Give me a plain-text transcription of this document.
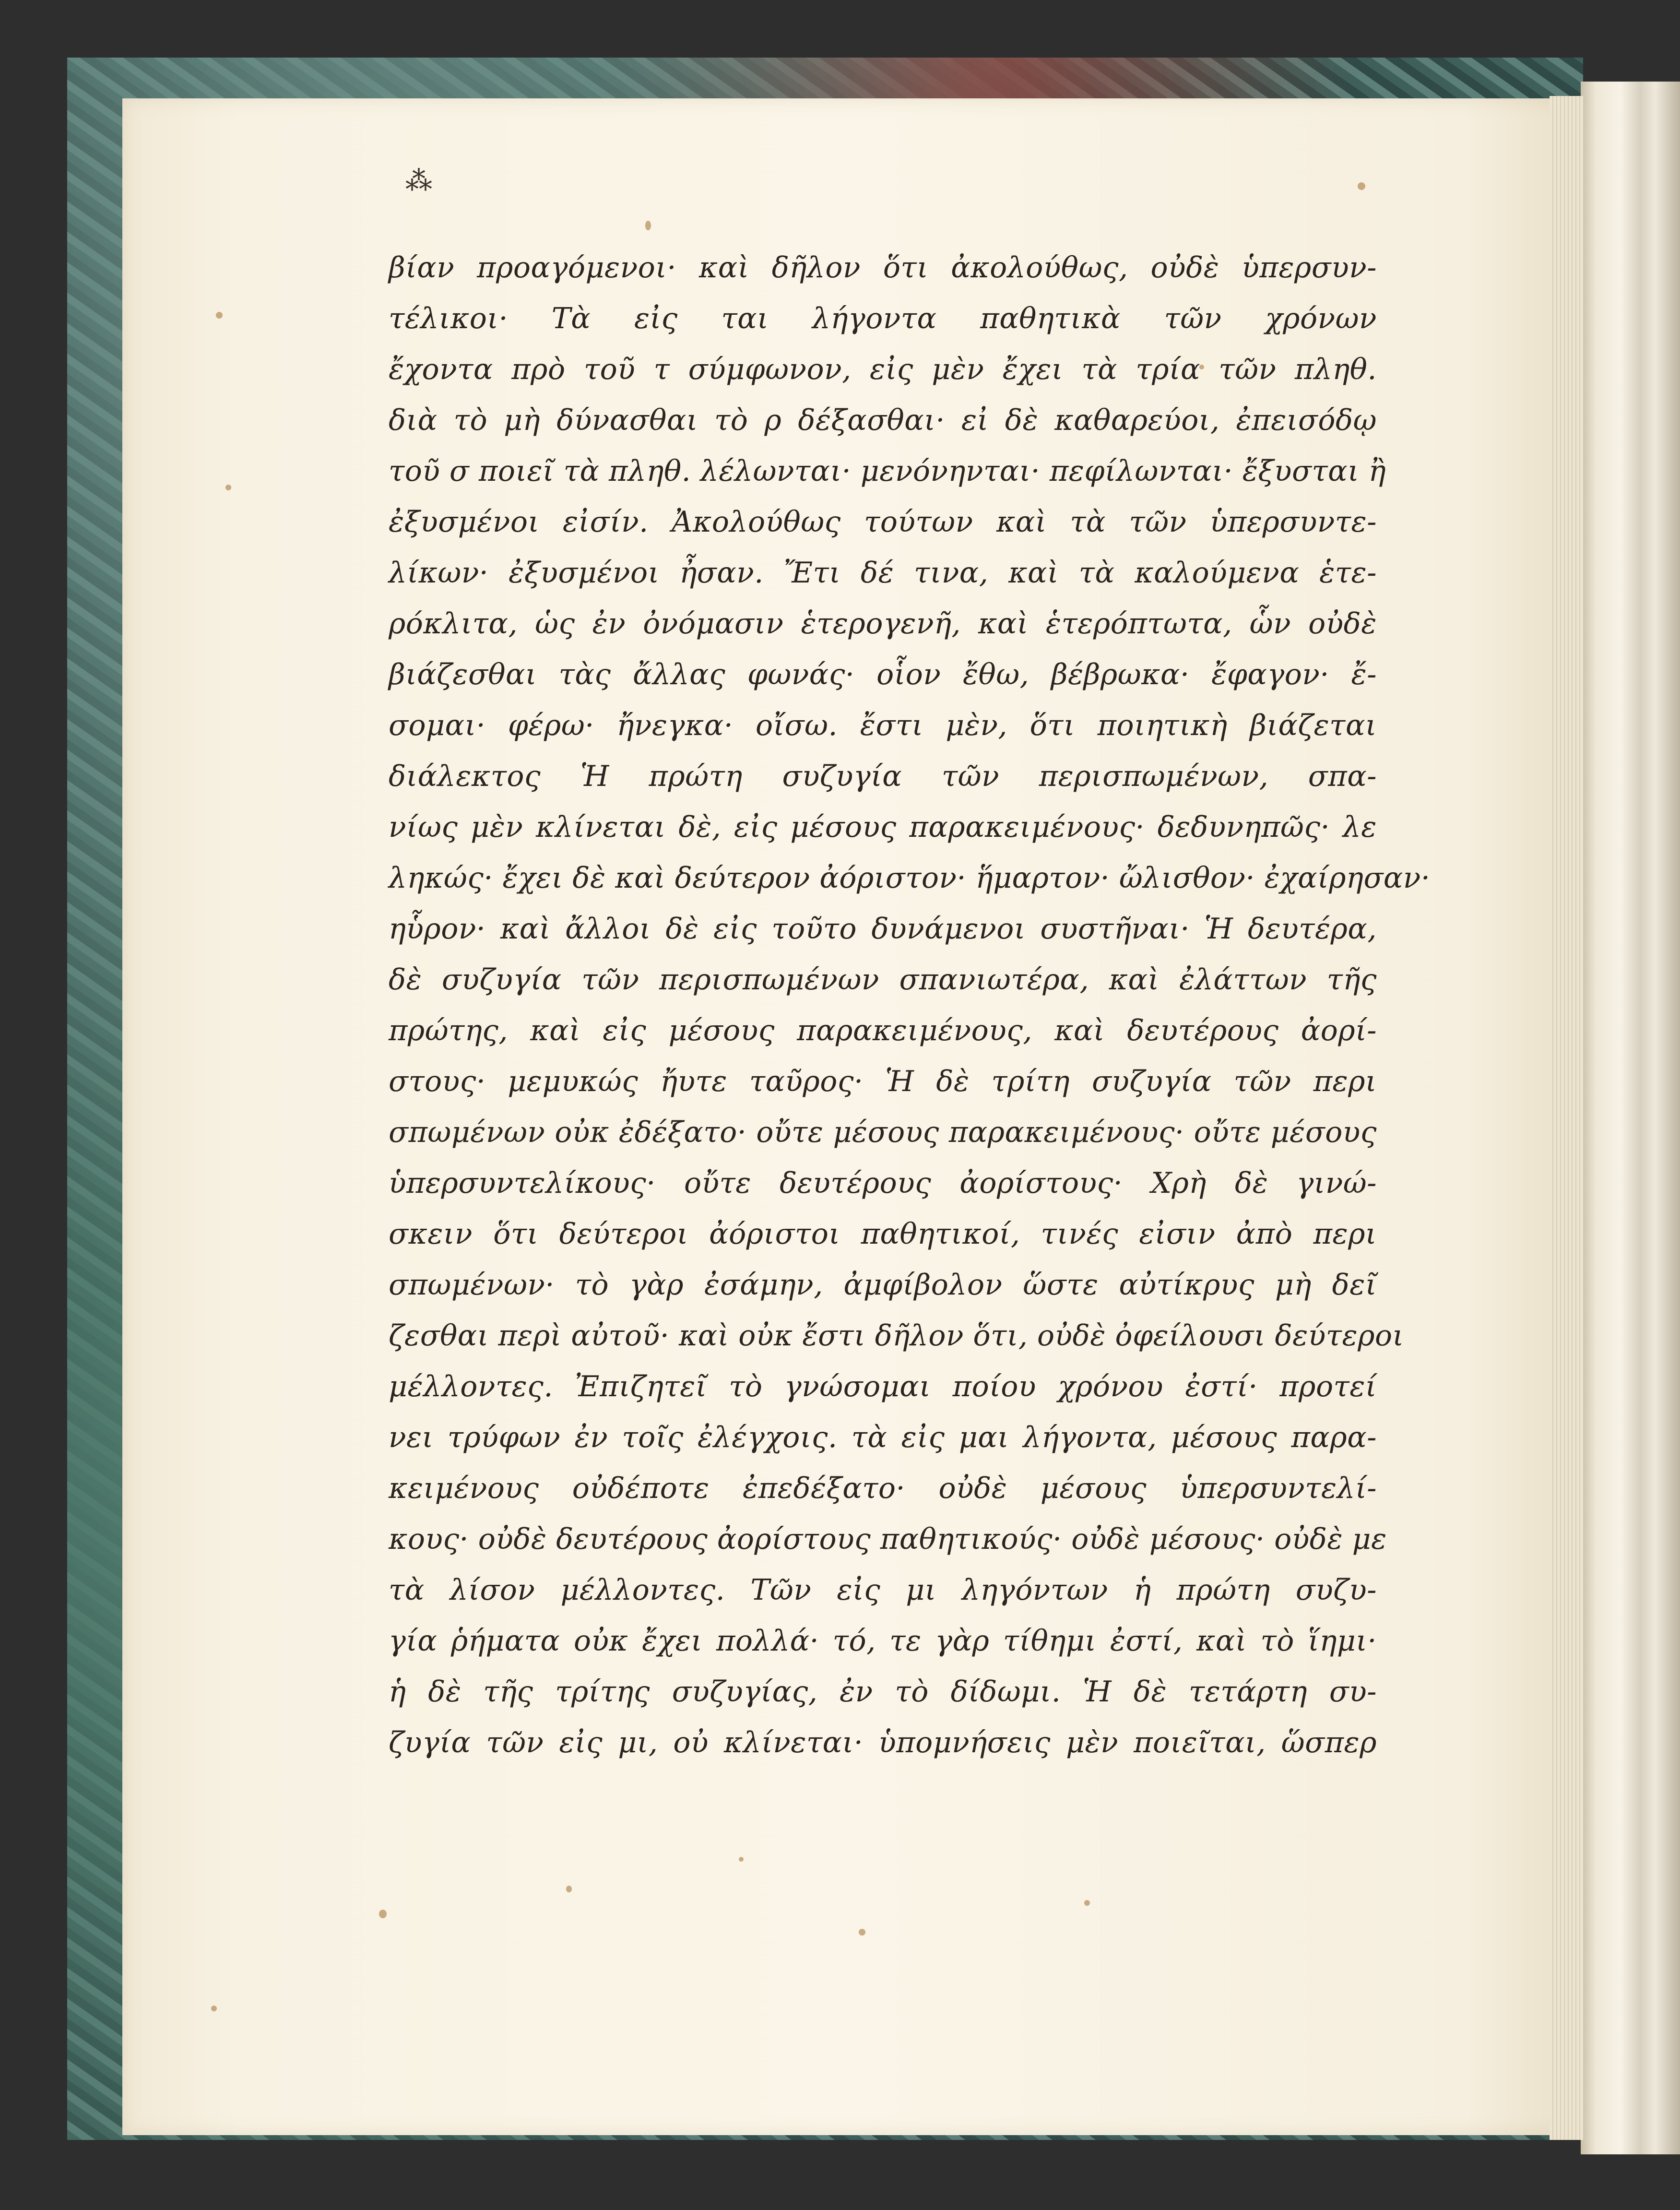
⁂
βίαν προαγόμενοι· καὶ δῆλον ὅτι ἀκολούθως, οὐδὲ ὑπερσυν-
τέλικοι· Τὰ εἰς ται λήγοντα παθητικὰ τῶν χρόνων
ἔχοντα πρὸ τοῦ τ σύμφωνον, εἰς μὲν ἔχει τὰ τρία τῶν πληθ.
διὰ τὸ μὴ δύνασθαι τὸ ρ δέξασθαι· εἰ δὲ καθαρεύοι, ἐπεισόδῳ
τοῦ σ ποιεῖ τὰ πληθ. λέλωνται· μενόνηνται· πεφίλωνται· ἔξυσται ἢ
ἐξυσμένοι εἰσίν. Ἀκολούθως τούτων καὶ τὰ τῶν ὑπερσυντε-
λίκων· ἐξυσμένοι ἦσαν. Ἔτι δέ τινα, καὶ τὰ καλούμενα ἑτε-
ρόκλιτα, ὡς ἐν ὀνόμασιν ἑτερογενῆ, καὶ ἑτερόπτωτα, ὧν οὐδὲ
βιάζεσθαι τὰς ἄλλας φωνάς· οἷον ἔθω, βέβρωκα· ἔφαγον· ἔ-
σομαι· φέρω· ἤνεγκα· οἴσω. ἔστι μὲν, ὅτι ποιητικὴ βιάζεται
διάλεκτος Ἡ πρώτη συζυγία τῶν περισπωμένων, σπα-
νίως μὲν κλίνεται δὲ, εἰς μέσους παρακειμένους· δεδυνηπῶς· λε
ληκώς· ἔχει δὲ καὶ δεύτερον ἀόριστον· ἥμαρτον· ὤλισθον· ἐχαίρησαν·
ηὗρον· καὶ ἄλλοι δὲ εἰς τοῦτο δυνάμενοι συστῆναι· Ἡ δευτέρα,
δὲ συζυγία τῶν περισπωμένων σπανιωτέρα, καὶ ἐλάττων τῆς
πρώτης, καὶ εἰς μέσους παρακειμένους, καὶ δευτέρους ἀορί-
στους· μεμυκώς ἤυτε ταῦρος· Ἡ δὲ τρίτη συζυγία τῶν περι
σπωμένων οὐκ ἐδέξατο· οὔτε μέσους παρακειμένους· οὔτε μέσους
ὑπερσυντελίκους· οὔτε δευτέρους ἀορίστους· Χρὴ δὲ γινώ-
σκειν ὅτι δεύτεροι ἀόριστοι παθητικοί, τινές εἰσιν ἀπὸ περι
σπωμένων· τὸ γὰρ ἐσάμην, ἀμφίβολον ὥστε αὐτίκρυς μὴ δεῖ
ζεσθαι περὶ αὐτοῦ· καὶ οὐκ ἔστι δῆλον ὅτι, οὐδὲ ὀφείλουσι δεύτεροι
μέλλοντες. Ἐπιζητεῖ τὸ γνώσομαι ποίου χρόνου ἐστί· προτεί
νει τρύφων ἐν τοῖς ἐλέγχοις. τὰ εἰς μαι λήγοντα, μέσους παρα-
κειμένους οὐδέποτε ἐπεδέξατο· οὐδὲ μέσους ὑπερσυντελί-
κους· οὐδὲ δευτέρους ἀορίστους παθητικούς· οὐδὲ μέσους· οὐδὲ με
τὰ λίσον μέλλοντες. Τῶν εἰς μι ληγόντων ἡ πρώτη συζυ-
γία ῥήματα οὐκ ἔχει πολλά· τό, τε γὰρ τίθημι ἐστί, καὶ τὸ ἵημι·
ἡ δὲ τῆς τρίτης συζυγίας, ἐν τὸ δίδωμι. Ἡ δὲ τετάρτη συ-
ζυγία τῶν εἰς μι, οὐ κλίνεται· ὑπομνήσεις μὲν ποιεῖται, ὥσπερ
